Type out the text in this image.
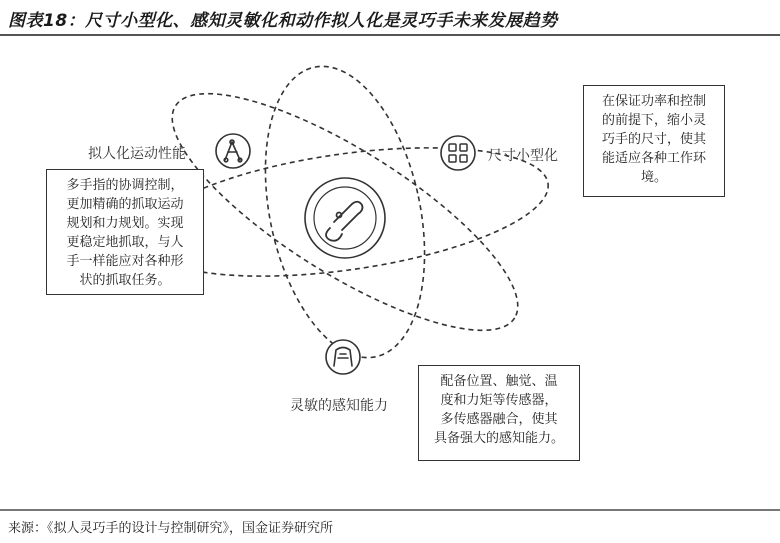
图表18：尺寸小型化、感知灵敏化和动作拟人化是灵巧手未来发展趋势
拟人化运动性能	尺寸小型化
灵敏的感知能力

多手指的协调控制，

更加精确的抓取运动

规划和力规划。实现

更稳定地抓取，与人

手一样能应对各种形

状的抓取任务。

在保证功率和控制

的前提下，缩小灵

巧手的尺寸，使其

能适应各种工作环

境。

配备位置、触觉、温

度和力矩等传感器，

多传感器融合，使其

具备强大的感知能力。

来源：《拟人灵巧手的设计与控制研究》，国金证券研究所
